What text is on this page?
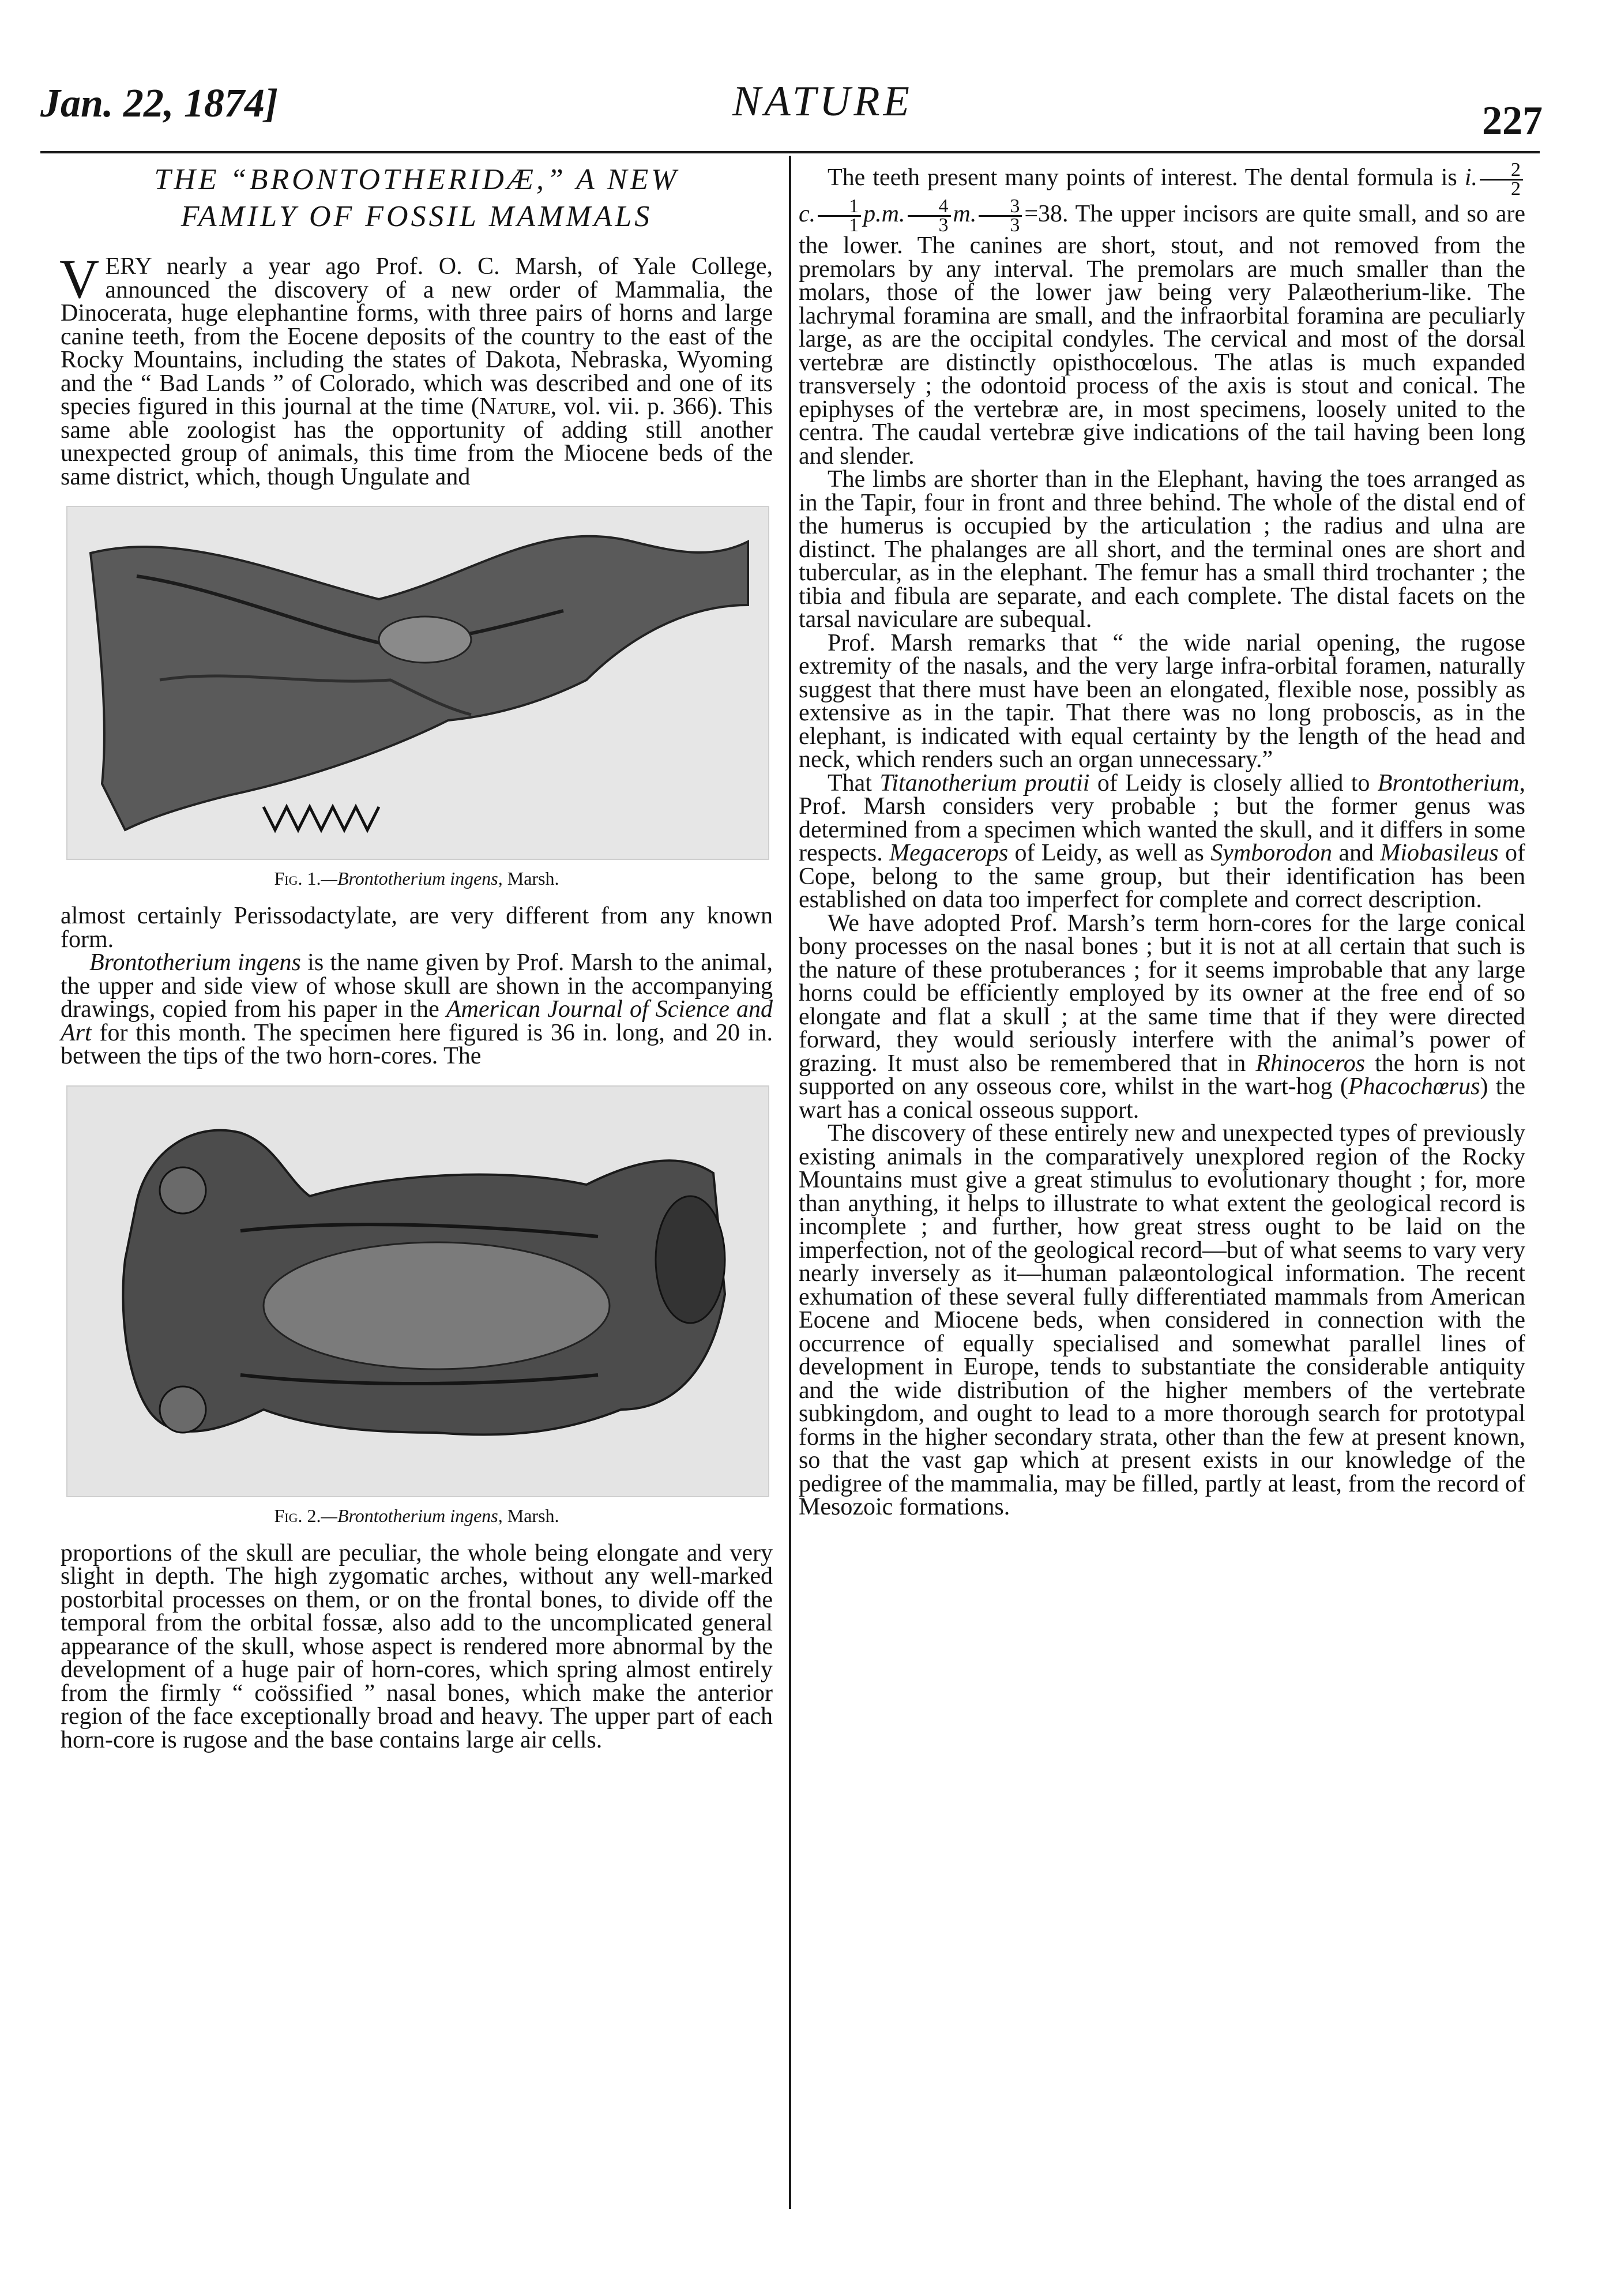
Jan. 22, 1874]	NATURE	227
THE “BRONTOTHERIDÆ,” A NEW
FAMILY OF FOSSIL MAMMALS

VERY nearly a year ago Prof. O. C. Marsh, of Yale College, announced the discovery of a new order of Mammalia, the Dinocerata, huge elephantine forms, with three pairs of horns and large canine teeth, from the Eocene deposits of the country to the east of the Rocky Mountains, including the states of Dakota, Nebraska, Wyoming and the “ Bad Lands ” of Colorado, which was described and one of its species figured in this journal at the time (Nature, vol. vii. p. 366). This same able zoologist has the opportunity of adding still another unexpected group of animals, this time from the Miocene beds of the same district, which, though Ungulate and

Fig. 1.—Brontotherium ingens, Marsh.

almost certainly Perissodactylate, are very different from any known form.

Brontotherium ingens is the name given by Prof. Marsh to the animal, the upper and side view of whose skull are shown in the accompanying drawings, copied from his paper in the American Journal of Science and Art for this month. The specimen here figured is 36 in. long, and 20 in. between the tips of the two horn-cores. The

Fig. 2.—Brontotherium ingens, Marsh.

proportions of the skull are peculiar, the whole being elongate and very slight in depth. The high zygomatic arches, without any well-marked postorbital processes on them, or on the frontal bones, to divide off the temporal from the orbital fossæ, also add to the uncomplicated general appearance of the skull, whose aspect is rendered more abnormal by the development of a huge pair of horn-cores, which spring almost entirely from the firmly “ coössified ” nasal bones, which make the anterior region of the face exceptionally broad and heavy. The upper part of each horn-core is rugose and the base contains large air cells.

The teeth present many points of interest. The dental formula is i. $\frac{2}{2}$
c. $\frac{1}{1} p.m$. $\frac{4}{3} m$. $\frac{3}{3} =38$. The upper incisors are quite small, and so are the lower. The canines are short, stout, and not removed from the premolars by any interval. The premolars are much smaller than the molars, those of the lower jaw being very Palæotherium-like. The lachrymal foramina are small, and the infraorbital foramina are peculiarly large, as are the occipital condyles. The cervical and most of the dorsal vertebræ are distinctly opisthocœlous. The atlas is much expanded transversely ; the odontoid process of the axis is stout and conical. The epiphyses of the vertebræ are, in most specimens, loosely united to the centra. The caudal vertebræ give indications of the tail having been long and slender.

The limbs are shorter than in the Elephant, having the toes arranged as in the Tapir, four in front and three behind. The whole of the distal end of the humerus is occupied by the articulation ; the radius and ulna are distinct. The phalanges are all short, and the terminal ones are short and tubercular, as in the elephant. The femur has a small third trochanter ; the tibia and fibula are separate, and each complete. The distal facets on the tarsal naviculare are subequal.

Prof. Marsh remarks that “ the wide narial opening, the rugose extremity of the nasals, and the very large infra-orbital foramen, naturally suggest that there must have been an elongated, flexible nose, possibly as extensive as in the tapir. That there was no long proboscis, as in the elephant, is indicated with equal certainty by the length of the head and neck, which renders such an organ unnecessary.”

That Titanotherium proutii of Leidy is closely allied to Brontotherium, Prof. Marsh considers very probable ; but the former genus was determined from a specimen which wanted the skull, and it differs in some respects. Megacerops of Leidy, as well as Symborodon and Miobasileus of Cope, belong to the same group, but their identification has been established on data too imperfect for complete and correct description.

We have adopted Prof. Marsh’s term horn-cores for the large conical bony processes on the nasal bones ; but it is not at all certain that such is the nature of these protuberances ; for it seems improbable that any large horns could be efficiently employed by its owner at the free end of so elongate and flat a skull ; at the same time that if they were directed forward, they would seriously interfere with the animal’s power of grazing. It must also be remembered that in Rhinoceros the horn is not supported on any osseous core, whilst in the wart-hog (Phacochœrus) the wart has a conical osseous support.

The discovery of these entirely new and unexpected types of previously existing animals in the comparatively unexplored region of the Rocky Mountains must give a great stimulus to evolutionary thought ; for, more than anything, it helps to illustrate to what extent the geological record is incomplete ; and further, how great stress ought to be laid on the imperfection, not of the geological record—but of what seems to vary very nearly inversely as it—human palæontological information. The recent exhumation of these several fully differentiated mammals from American Eocene and Miocene beds, when considered in connection with the occurrence of equally specialised and somewhat parallel lines of development in Europe, tends to substantiate the considerable antiquity and the wide distribution of the higher members of the vertebrate subkingdom, and ought to lead to a more thorough search for prototypal forms in the higher secondary strata, other than the few at present known, so that the vast gap which at present exists in our knowledge of the pedigree of the mammalia, may be filled, partly at least, from the record of Mesozoic formations.
